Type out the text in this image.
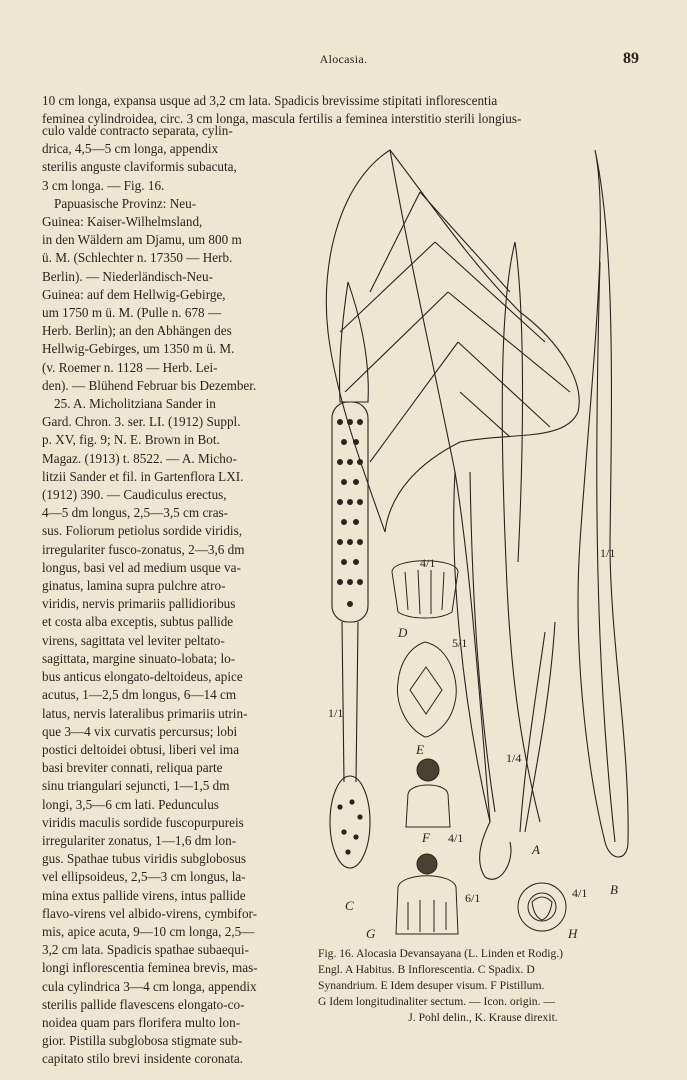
Alocasia.	89
10 cm longa, expansa usque ad 3,2 cm lata. Spadicis brevissime stipitati inflorescentia
feminea cylindroidea, circ. 3 cm longa, mascula fertilis a feminea interstitio sterili longius-

culo valde contracto separata, cylin-

drica, 4,5—5 cm longa, appendix

sterilis anguste claviformis subacuta,

3 cm longa. — Fig. 16.

Papuasische Provinz: Neu-

Guinea: Kaiser-Wilhelmsland,

in den Wäldern am Djamu, um 800 m

ü. M. (Schlechter n. 17350 — Herb.

Berlin). — Niederländisch-Neu-

Guinea: auf dem Hellwig-Gebirge,

um 1750 m ü. M. (Pulle n. 678 —

Herb. Berlin); an den Abhängen des

Hellwig-Gebirges, um 1350 m ü. M.

(v. Roemer n. 1128 — Herb. Lei-

den). — Blühend Februar bis Dezember.

25. A. Micholitziana Sander in

Gard. Chron. 3. ser. LI. (1912) Suppl.

p. XV, fig. 9; N. E. Brown in Bot.

Magaz. (1913) t. 8522. — A. Micho-

litzii Sander et fil. in Gartenflora LXI.

(1912) 390. — Caudiculus erectus,

4—5 dm longus, 2,5—3,5 cm cras-

sus. Foliorum petiolus sordide viridis,

irregulariter fusco-zonatus, 2—3,6 dm

longus, basi vel ad medium usque va-

ginatus, lamina supra pulchre atro-

viridis, nervis primariis pallidioribus

et costa alba exceptis, subtus pallide

virens, sagittata vel leviter peltato-

sagittata, margine sinuato-lobata; lo-

bus anticus elongato-deltoideus, apice

acutus, 1—2,5 dm longus, 6—14 cm

latus, nervis lateralibus primariis utrin-

que 3—4 vix curvatis percursus; lobi

postici deltoidei obtusi, liberi vel ima

basi breviter connati, reliqua parte

sinu triangulari sejuncti, 1—1,5 dm

longi, 3,5—6 cm lati. Pedunculus

viridis maculis sordide fuscopurpureis

irregulariter zonatus, 1—1,6 dm lon-

gus. Spathae tubus viridis subglobosus

vel ellipsoideus, 2,5—3 cm longus, la-

mina extus pallide virens, intus pallide

flavo-virens vel albido-virens, cymbifor-

mis, apice acuta, 9—10 cm longa, 2,5—

3,2 cm lata. Spadicis spathae subaequi-

longi inflorescentia feminea brevis, mas-

cula cylindrica 3—4 cm longa, appendix

sterilis pallide flavescens elongato-co-

noidea quam pars florifera multo lon-

gior. Pistilla subglobosa stigmate sub-

capitato stilo brevi insidente coronata.

A
B
C
D
E
F
G	H
4/1
5/1
1/1
1/1
1/4
4/1
6/1	4/1

Fig. 16. Alocasia Devansayana (L. Linden et Rodig.)

Engl. A Habitus. B Inflorescentia. C Spadix. D

Synandrium. E Idem desuper visum. F Pistillum.

G Idem longitudinaliter sectum. — Icon. origin. —

J. Pohl delin., K. Krause direxit.
